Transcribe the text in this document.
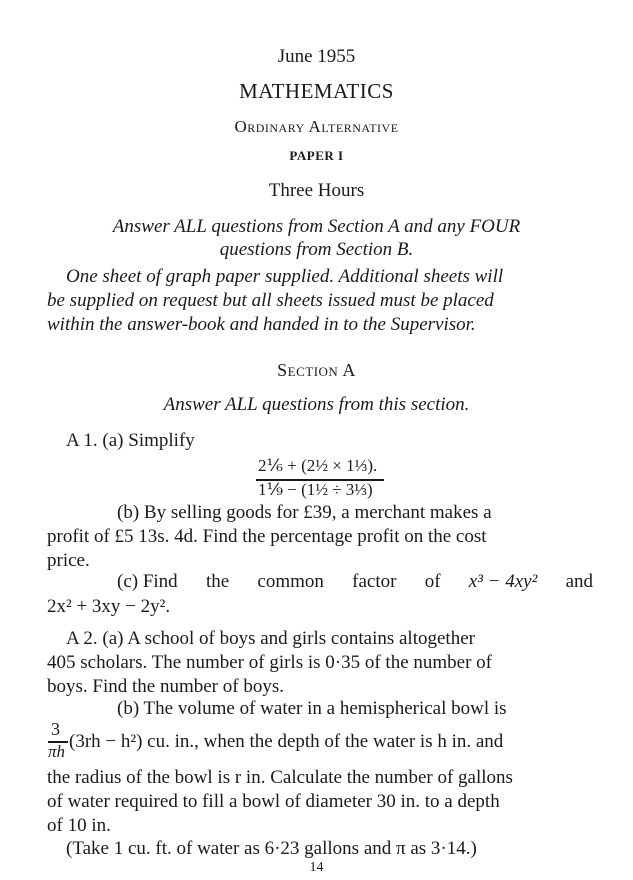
June 1955
MATHEMATICS
Ordinary Alternative
PAPER I
Three Hours
Answer ALL questions from Section A and any FOUR
questions from Section B.
One sheet of graph paper supplied. Additional sheets will
be supplied on request but all sheets issued must be placed
within the answer-book and handed in to the Supervisor.
Section A
Answer ALL questions from this section.
A 1. (a) Simplify
2⅙ + (2½ × 1⅓).
1⅑ − (1½ ÷ 3⅓)
(b) By selling goods for £39, a merchant makes a
profit of £5 13s. 4d. Find the percentage profit on the cost
price.
(c) Find the common factor of x³ − 4xy² and
2x² + 3xy − 2y².
A 2. (a) A school of boys and girls contains altogether
405 scholars. The number of girls is 0·35 of the number of
boys. Find the number of boys.
(b) The volume of water in a hemispherical bowl is
3
πh (3rh − h²) cu. in., when the depth of the water is h in. and
the radius of the bowl is r in. Calculate the number of gallons
of water required to fill a bowl of diameter 30 in. to a depth
of 10 in.
(Take 1 cu. ft. of water as 6·23 gallons and π as 3·14.)
14
